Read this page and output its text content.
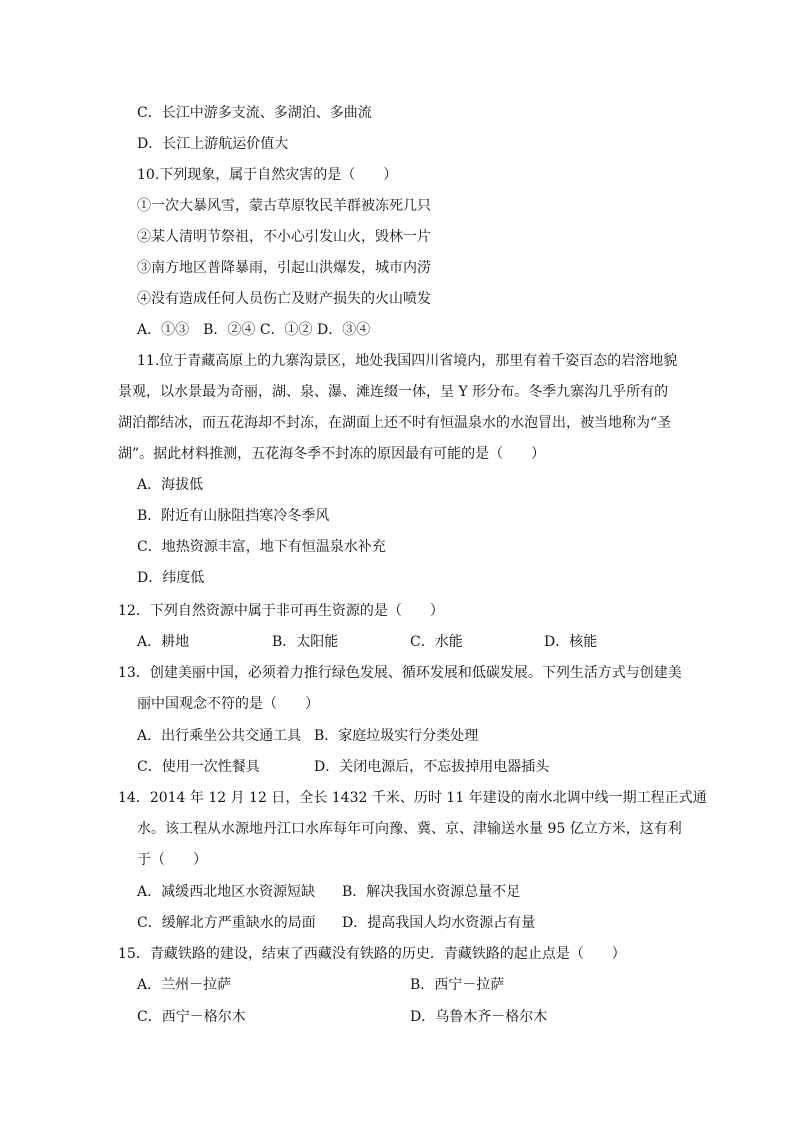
C．长江中游多支流、多湖泊、多曲流
D．长江上游航运价值大
10.下列现象，属于自然灾害的是（　　）
①一次大暴风雪，蒙古草原牧民羊群被冻死几只
②某人清明节祭祖，不小心引发山火，毁林一片
③南方地区普降暴雨，引起山洪爆发，城市内涝
④没有造成任何人员伤亡及财产损失的火山喷发
A．①③　B．②④ C．①② D．③④
11.位于青藏高原上的九寨沟景区，地处我国四川省境内，那里有着千姿百态的岩溶地貌
景观，以水景最为奇丽，湖、泉、瀑、滩连缀一体，呈 Y 形分布。冬季九寨沟几乎所有的
湖泊都结冰，而五花海却不封冻，在湖面上还不时有恒温泉水的水泡冒出，被当地称为“圣
湖”。据此材料推测，五花海冬季不封冻的原因最有可能的是（　　）
A．海拔低
B．附近有山脉阻挡寒冷冬季风
C．地热资源丰富，地下有恒温泉水补充
D．纬度低
12．下列自然资源中属于非可再生资源的是（　　）
A．耕地	B．太阳能	C．水能	D．核能
13．创建美丽中国，必须着力推行绿色发展、循环发展和低碳发展。下列生活方式与创建美
丽中国观念不符的是（　　）
A．出行乘坐公共交通工具 B．家庭垃圾实行分类处理
C．使用一次性餐具	D．关闭电源后，不忘拔掉用电器插头
14．2014 年 12 月 12 日，全长 1432 千米、历时 11 年建设的南水北调中线一期工程正式通
水。该工程从水源地丹江口水库每年可向豫、冀、京、津输送水量 95 亿立方米，这有利
于（　　）
A．减缓西北地区水资源短缺 B．解决我国水资源总量不足
C．缓解北方严重缺水的局面 D．提高我国人均水资源占有量
15．青藏铁路的建设，结束了西藏没有铁路的历史．青藏铁路的起止点是（　　）
A．兰州－拉萨	B．西宁－拉萨
C．西宁－格尔木	D．乌鲁木齐－格尔木
